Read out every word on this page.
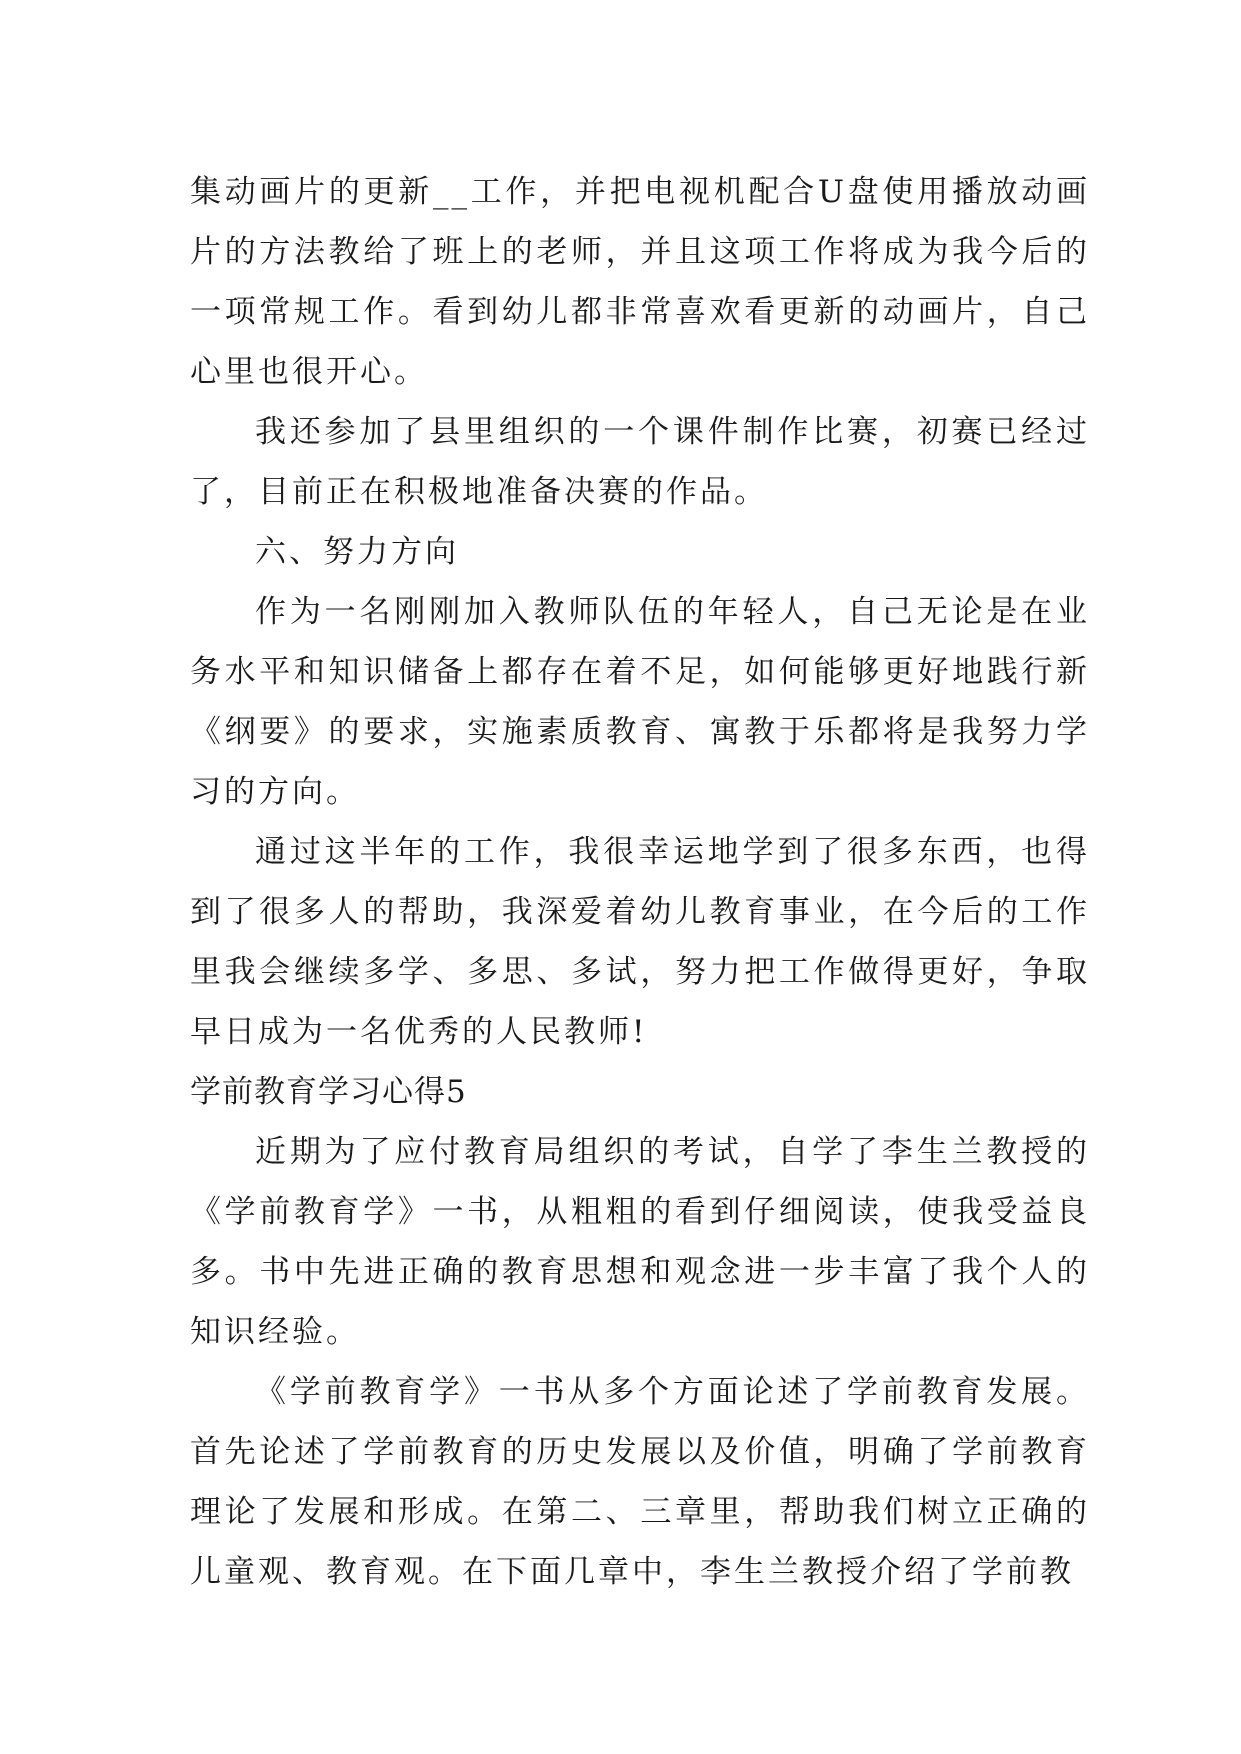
集动画片的更新__工作，并把电视机配合U盘使用播放动画片的方法教给了班上的老师，并且这项工作将成为我今后的一项常规工作。看到幼儿都非常喜欢看更新的动画片，自己心里也很开心。

我还参加了县里组织的一个课件制作比赛，初赛已经过了，目前正在积极地准备决赛的作品。

六、努力方向

作为一名刚刚加入教师队伍的年轻人，自己无论是在业务水平和知识储备上都存在着不足，如何能够更好地践行新《纲要》的要求，实施素质教育、寓教于乐都将是我努力学习的方向。

通过这半年的工作，我很幸运地学到了很多东西，也得到了很多人的帮助，我深爱着幼儿教育事业，在今后的工作里我会继续多学、多思、多试，努力把工作做得更好，争取早日成为一名优秀的人民教师!

学前教育学习心得5

近期为了应付教育局组织的考试，自学了李生兰教授的《学前教育学》一书，从粗粗的看到仔细阅读，使我受益良多。书中先进正确的教育思想和观念进一步丰富了我个人的知识经验。

《学前教育学》一书从多个方面论述了学前教育发展。首先论述了学前教育的历史发展以及价值，明确了学前教育理论了发展和形成。在第二、三章里，帮助我们树立正确的儿童观、教育观。在下面几章中，李生兰教授介绍了学前教
